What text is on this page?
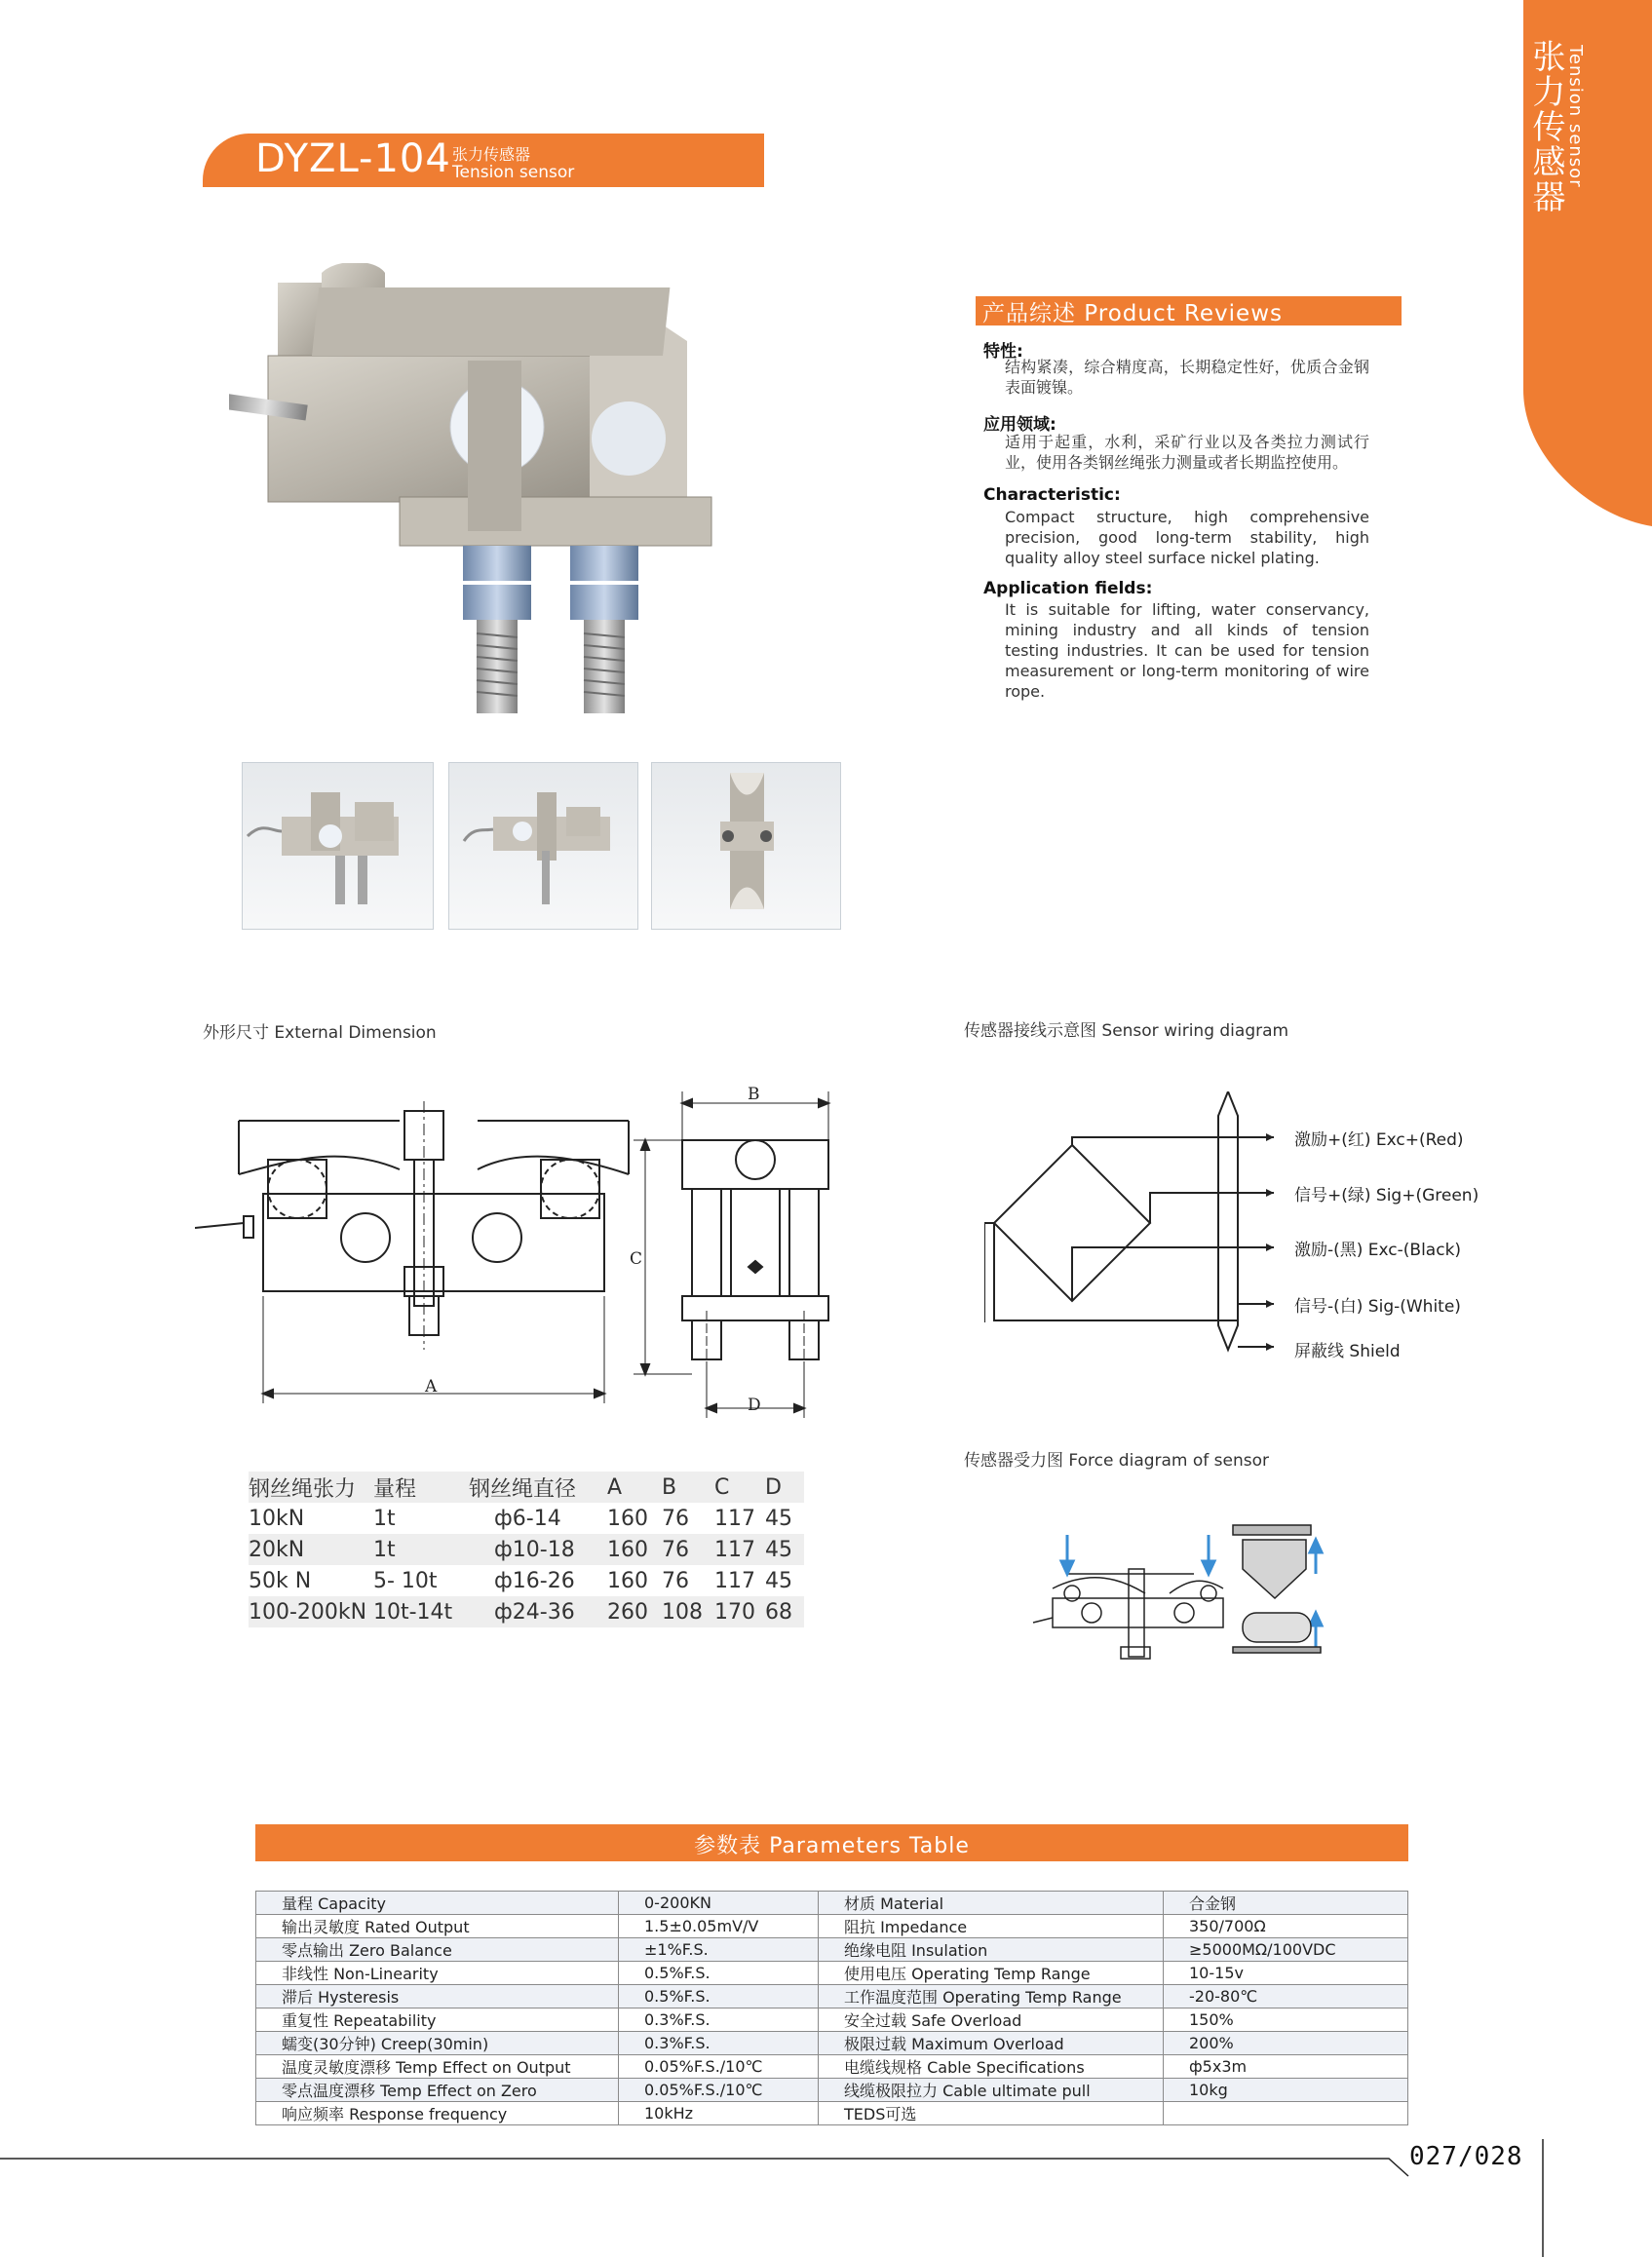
张力传感器 Tension sensor
DYZL-104 张力传感器
Tension sensor
产品综述 Product Reviews
特性:
结构紧凑，综合精度高，长期稳定性好，优质合金钢表面镀镍。
应用领域:
适用于起重，水利，采矿行业以及各类拉力测试行业，使用各类钢丝绳张力测量或者长期监控使用。
Characteristic:
Compact structure, high comprehensive precision, good long-term stability, high quality alloy steel surface nickel plating.
Application fields:
It is suitable for lifting, water conservancy, mining industry and all kinds of tension testing industries. It can be used for tension measurement or long-term monitoring of wire rope.
外形尺寸 External Dimension	传感器接线示意图 Sensor wiring diagram
传感器受力图 Force diagram of sensor
A
B
C
D
激励+(红) Exc+(Red)
信号+(绿) Sig+(Green)
激励-(黑) Exc-(Black)
信号-(白) Sig-(White)
屏蔽线 Shield
钢丝绳张力	量程	钢丝绳直径	A	B	C	D
10kN	1t	ф6-14	160	76	117	45
20kN	1t	ф10-18	160	76	117	45
50k N	5- 10t	ф16-26	160	76	117	45
100-200kN	10t-14t	ф24-36	260	108	170	68
参数表 Parameters Table
量程 Capacity	0-200KN	材质 Material	合金钢
输出灵敏度 Rated Output	1.5±0.05mV/V	阻抗 Impedance	350/700Ω
零点输出 Zero Balance	±1%F.S.	绝缘电阻 Insulation	≥5000MΩ/100VDC
非线性 Non-Linearity	0.5%F.S.	使用电压 Operating Temp Range	10-15v
滞后 Hysteresis	0.5%F.S.	工作温度范围 Operating Temp Range	-20-80℃
重复性 Repeatability	0.3%F.S.	安全过载 Safe Overload	150%
蠕变(30分钟) Creep(30min)	0.3%F.S.	极限过载 Maximum Overload	200%
温度灵敏度漂移 Temp Effect on Output	0.05%F.S./10℃	电缆线规格 Cable Specifications	ф5x3m
零点温度漂移 Temp Effect on Zero	0.05%F.S./10℃	线缆极限拉力 Cable ultimate pull	10kg
响应频率 Response frequency	10kHz	TEDS可选	
027/028
